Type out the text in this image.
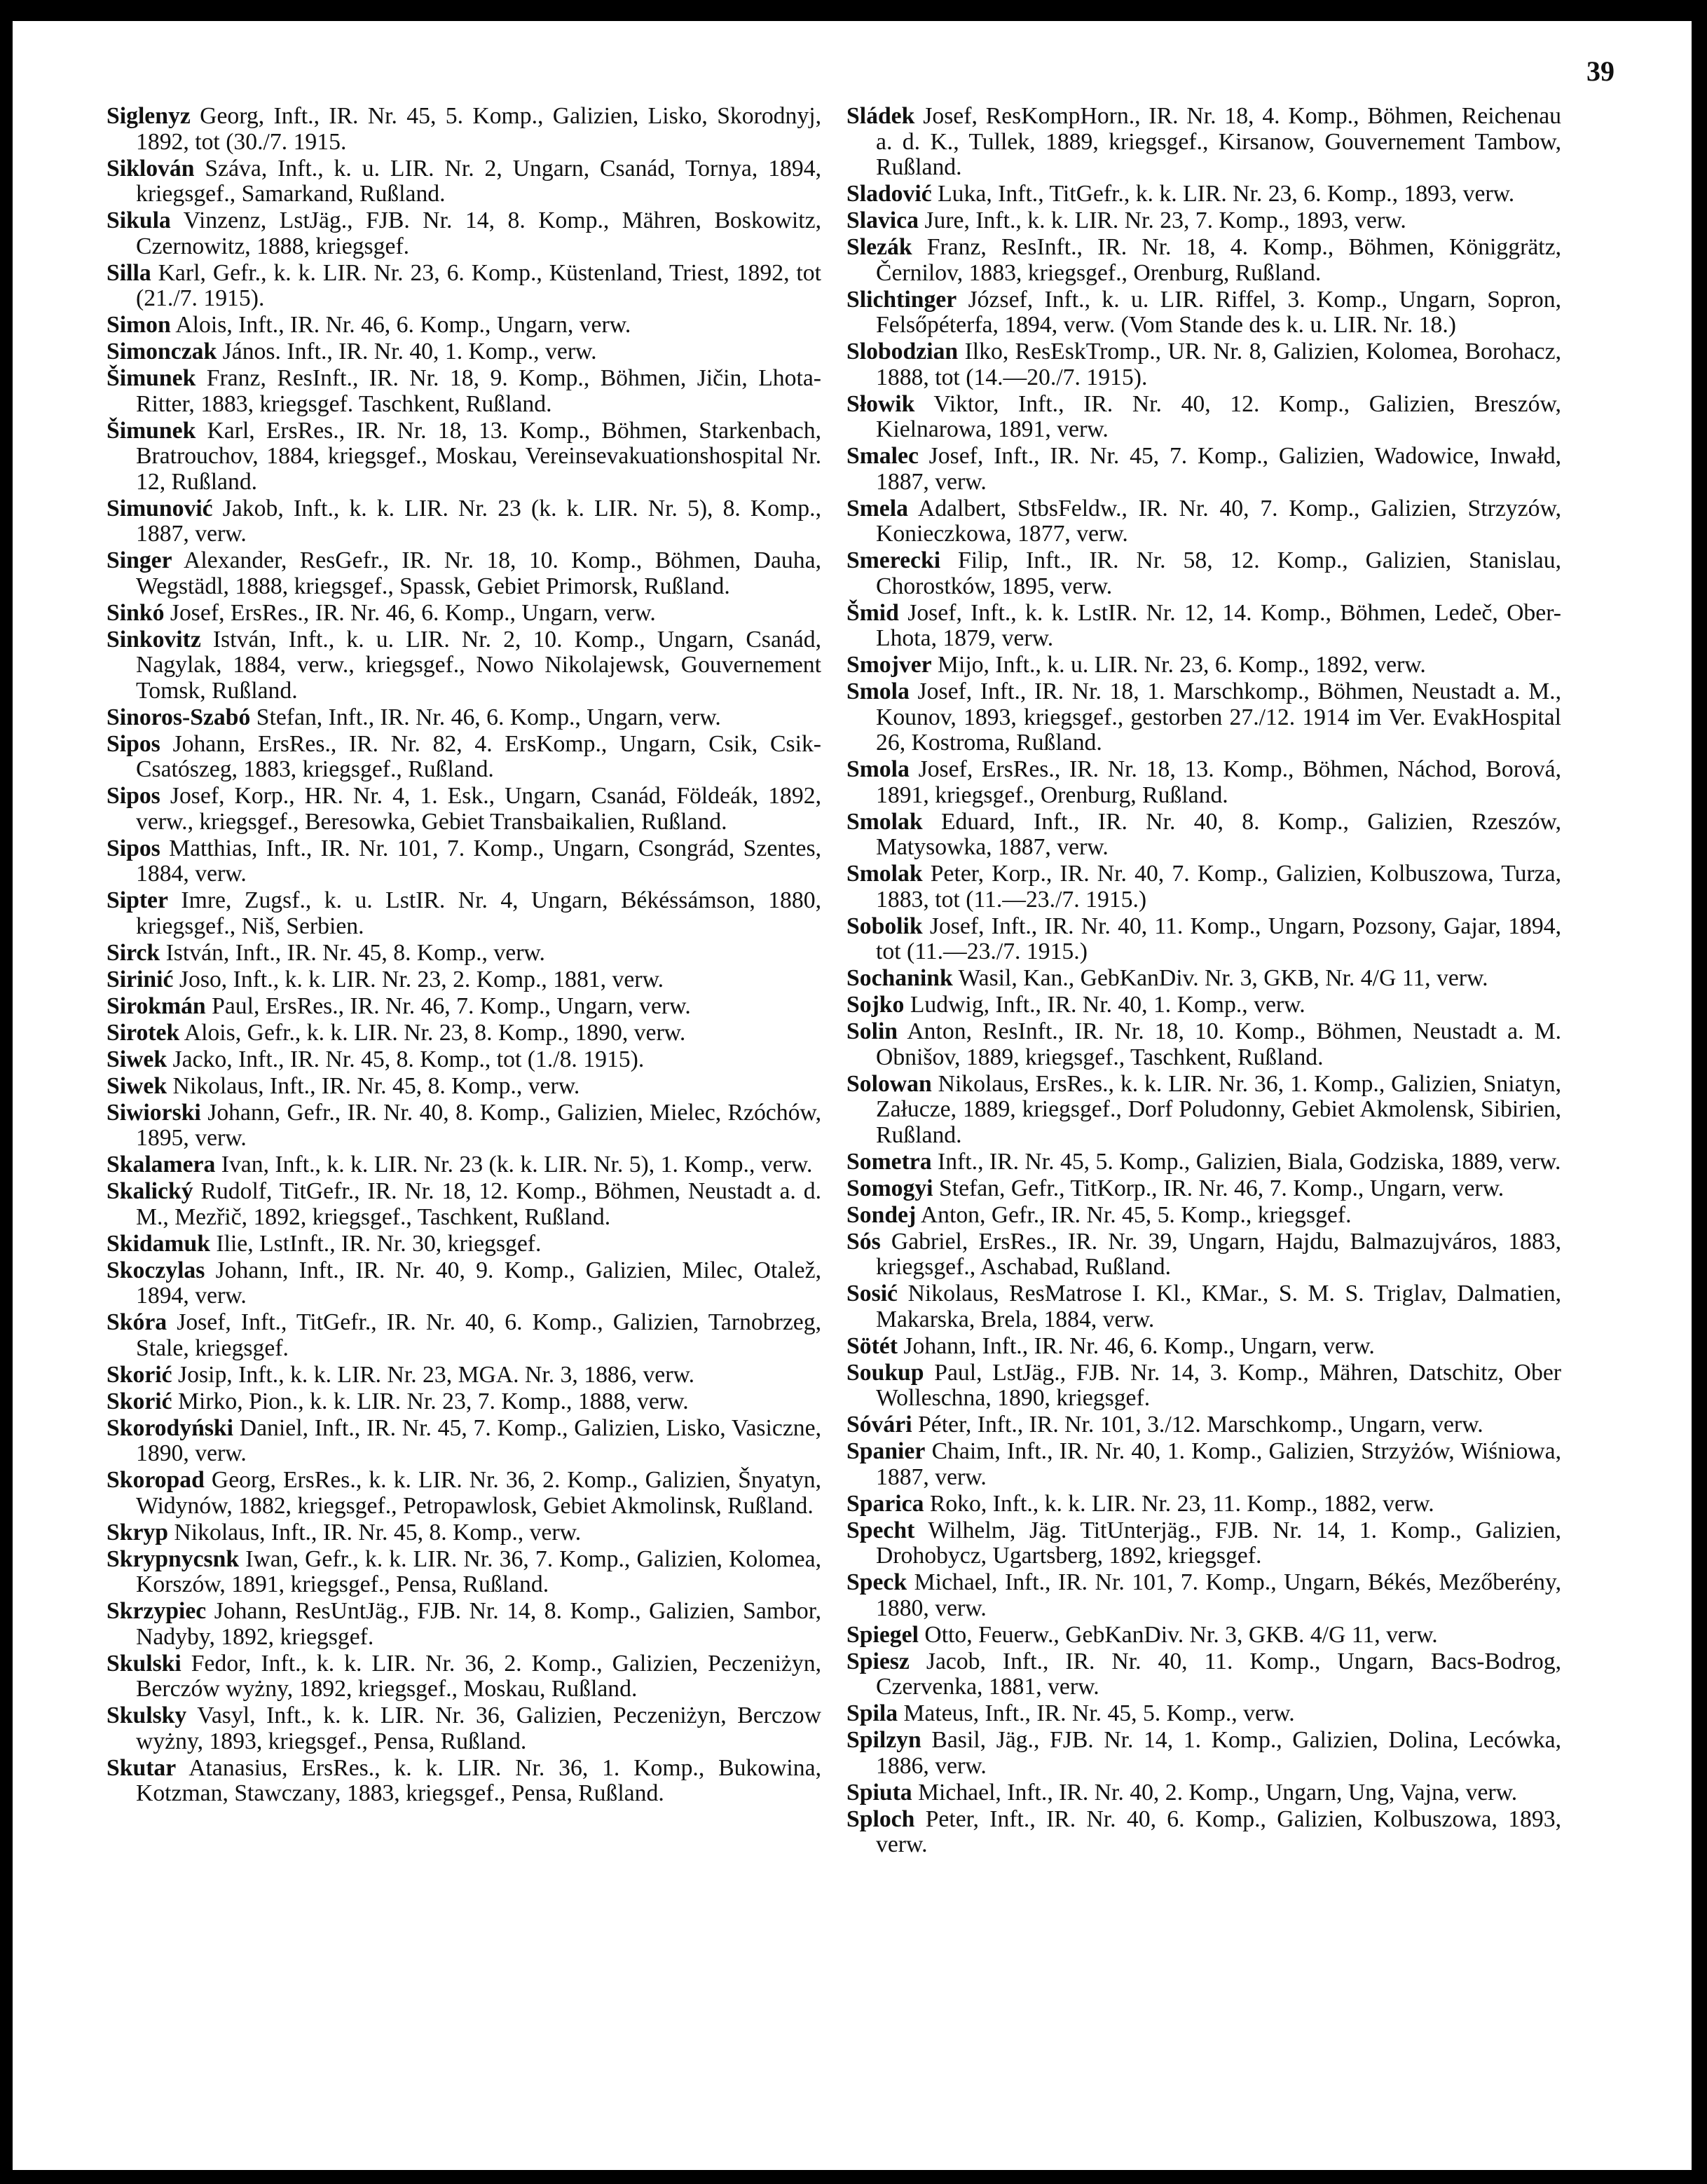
39

Siglenyz Georg, Inft., IR. Nr. 45, 5. Komp., Galizien, Lisko, Skorodnyj, 1892, tot (30./7. 1915.

Siklován Száva, Inft., k. u. LIR. Nr. 2, Ungarn, Csanád, Tornya, 1894, kriegsgef., Samarkand, Rußland.

Sikula Vinzenz, LstJäg., FJB. Nr. 14, 8. Komp., Mähren, Boskowitz, Czernowitz, 1888, kriegsgef.

Silla Karl, Gefr., k. k. LIR. Nr. 23, 6. Komp., Küstenland, Triest, 1892, tot (21./7. 1915).

Simon Alois, Inft., IR. Nr. 46, 6. Komp., Ungarn, verw.

Simonczak János. Inft., IR. Nr. 40, 1. Komp., verw.

Šimunek Franz, ResInft., IR. Nr. 18, 9. Komp., Böhmen, Jičin, Lhota-Ritter, 1883, kriegsgef. Taschkent, Rußland.

Šimunek Karl, ErsRes., IR. Nr. 18, 13. Komp., Böhmen, Starkenbach, Bratrouchov, 1884, kriegsgef., Moskau, Vereinsevakuationshospital Nr. 12, Rußland.

Simunović Jakob, Inft., k. k. LIR. Nr. 23 (k. k. LIR. Nr. 5), 8. Komp., 1887, verw.

Singer Alexander, ResGefr., IR. Nr. 18, 10. Komp., Böhmen, Dauha, Wegstädl, 1888, kriegsgef., Spassk, Gebiet Primorsk, Rußland.

Sinkó Josef, ErsRes., IR. Nr. 46, 6. Komp., Ungarn, verw.

Sinkovitz István, Inft., k. u. LIR. Nr. 2, 10. Komp., Ungarn, Csanád, Nagylak, 1884, verw., kriegsgef., Nowo Nikolajewsk, Gouvernement Tomsk, Rußland.

Sinoros-Szabó Stefan, Inft., IR. Nr. 46, 6. Komp., Ungarn, verw.

Sipos Johann, ErsRes., IR. Nr. 82, 4. ErsKomp., Ungarn, Csik, Csik-Csatószeg, 1883, kriegsgef., Rußland.

Sipos Josef, Korp., HR. Nr. 4, 1. Esk., Ungarn, Csanád, Földeák, 1892, verw., kriegsgef., Beresowka, Gebiet Transbaikalien, Rußland.

Sipos Matthias, Inft., IR. Nr. 101, 7. Komp., Ungarn, Csongrád, Szentes, 1884, verw.

Sipter Imre, Zugsf., k. u. LstIR. Nr. 4, Ungarn, Békéssámson, 1880, kriegsgef., Niš, Serbien.

Sirck István, Inft., IR. Nr. 45, 8. Komp., verw.

Sirinić Joso, Inft., k. k. LIR. Nr. 23, 2. Komp., 1881, verw.

Sirokmán Paul, ErsRes., IR. Nr. 46, 7. Komp., Ungarn, verw.

Sirotek Alois, Gefr., k. k. LIR. Nr. 23, 8. Komp., 1890, verw.

Siwek Jacko, Inft., IR. Nr. 45, 8. Komp., tot (1./8. 1915).

Siwek Nikolaus, Inft., IR. Nr. 45, 8. Komp., verw.

Siwiorski Johann, Gefr., IR. Nr. 40, 8. Komp., Galizien, Mielec, Rzóchów, 1895, verw.

Skalamera Ivan, Inft., k. k. LIR. Nr. 23 (k. k. LIR. Nr. 5), 1. Komp., verw.

Skalický Rudolf, TitGefr., IR. Nr. 18, 12. Komp., Böhmen, Neustadt a. d. M., Mezřič, 1892, kriegsgef., Taschkent, Rußland.

Skidamuk Ilie, LstInft., IR. Nr. 30, kriegsgef.

Skoczylas Johann, Inft., IR. Nr. 40, 9. Komp., Galizien, Milec, Otalež, 1894, verw.

Skóra Josef, Inft., TitGefr., IR. Nr. 40, 6. Komp., Galizien, Tarnobrzeg, Stale, kriegsgef.

Skorić Josip, Inft., k. k. LIR. Nr. 23, MGA. Nr. 3, 1886, verw.

Skorić Mirko, Pion., k. k. LIR. Nr. 23, 7. Komp., 1888, verw.

Skorodyński Daniel, Inft., IR. Nr. 45, 7. Komp., Galizien, Lisko, Vasiczne, 1890, verw.

Skoropad Georg, ErsRes., k. k. LIR. Nr. 36, 2. Komp., Galizien, Šnyatyn, Widynów, 1882, kriegsgef., Petropawlosk, Gebiet Akmolinsk, Rußland.

Skryp Nikolaus, Inft., IR. Nr. 45, 8. Komp., verw.

Skrypnycsnk Iwan, Gefr., k. k. LIR. Nr. 36, 7. Komp., Galizien, Kolomea, Korszów, 1891, kriegsgef., Pensa, Rußland.

Skrzypiec Johann, ResUntJäg., FJB. Nr. 14, 8. Komp., Galizien, Sambor, Nadyby, 1892, kriegsgef.

Skulski Fedor, Inft., k. k. LIR. Nr. 36, 2. Komp., Galizien, Peczeniżyn, Berczów wyżny, 1892, kriegsgef., Moskau, Rußland.

Skulsky Vasyl, Inft., k. k. LIR. Nr. 36, Galizien, Peczeniżyn, Berczow wyżny, 1893, kriegsgef., Pensa, Rußland.

Skutar Atanasius, ErsRes., k. k. LIR. Nr. 36, 1. Komp., Bukowina, Kotzman, Stawczany, 1883, kriegsgef., Pensa, Rußland.

Sládek Josef, ResKompHorn., IR. Nr. 18, 4. Komp., Böhmen, Reichenau a. d. K., Tullek, 1889, kriegsgef., Kirsanow, Gouvernement Tambow, Rußland.

Sladović Luka, Inft., TitGefr., k. k. LIR. Nr. 23, 6. Komp., 1893, verw.

Slavica Jure, Inft., k. k. LIR. Nr. 23, 7. Komp., 1893, verw.

Slezák Franz, ResInft., IR. Nr. 18, 4. Komp., Böhmen, Königgrätz, Černilov, 1883, kriegsgef., Orenburg, Rußland.

Slichtinger József, Inft., k. u. LIR. Riffel, 3. Komp., Ungarn, Sopron, Felsőpéterfa, 1894, verw. (Vom Stande des k. u. LIR. Nr. 18.)

Slobodzian Ilko, ResEskTromp., UR. Nr. 8, Galizien, Kolomea, Borohacz, 1888, tot (14.—20./7. 1915).

Słowik Viktor, Inft., IR. Nr. 40, 12. Komp., Galizien, Breszów, Kielnarowa, 1891, verw.

Smalec Josef, Inft., IR. Nr. 45, 7. Komp., Galizien, Wadowice, Inwałd, 1887, verw.

Smela Adalbert, StbsFeldw., IR. Nr. 40, 7. Komp., Galizien, Strzyzów, Konieczkowa, 1877, verw.

Smerecki Filip, Inft., IR. Nr. 58, 12. Komp., Galizien, Stanislau, Chorostków, 1895, verw.

Šmid Josef, Inft., k. k. LstIR. Nr. 12, 14. Komp., Böhmen, Ledeč, Ober-Lhota, 1879, verw.

Smojver Mijo, Inft., k. u. LIR. Nr. 23, 6. Komp., 1892, verw.

Smola Josef, Inft., IR. Nr. 18, 1. Marschkomp., Böhmen, Neustadt a. M., Kounov, 1893, kriegsgef., gestorben 27./12. 1914 im Ver. EvakHospital 26, Kostroma, Rußland.

Smola Josef, ErsRes., IR. Nr. 18, 13. Komp., Böhmen, Náchod, Borová, 1891, kriegsgef., Orenburg, Rußland.

Smolak Eduard, Inft., IR. Nr. 40, 8. Komp., Galizien, Rzeszów, Matysowka, 1887, verw.

Smolak Peter, Korp., IR. Nr. 40, 7. Komp., Galizien, Kolbuszowa, Turza, 1883, tot (11.—23./7. 1915.)

Sobolik Josef, Inft., IR. Nr. 40, 11. Komp., Ungarn, Pozsony, Gajar, 1894, tot (11.—23./7. 1915.)

Sochanink Wasil, Kan., GebKanDiv. Nr. 3, GKB, Nr. 4/G 11, verw.

Sojko Ludwig, Inft., IR. Nr. 40, 1. Komp., verw.

Solin Anton, ResInft., IR. Nr. 18, 10. Komp., Böhmen, Neustadt a. M. Obnišov, 1889, kriegsgef., Taschkent, Rußland.

Solowan Nikolaus, ErsRes., k. k. LIR. Nr. 36, 1. Komp., Galizien, Sniatyn, Załucze, 1889, kriegsgef., Dorf Poludonny, Gebiet Akmolensk, Sibirien, Rußland.

Sometra Inft., IR. Nr. 45, 5. Komp., Galizien, Biala, Godziska, 1889, verw.

Somogyi Stefan, Gefr., TitKorp., IR. Nr. 46, 7. Komp., Ungarn, verw.

Sondej Anton, Gefr., IR. Nr. 45, 5. Komp., kriegsgef.

Sós Gabriel, ErsRes., IR. Nr. 39, Ungarn, Hajdu, Balmazujváros, 1883, kriegsgef., Aschabad, Rußland.

Sosić Nikolaus, ResMatrose I. Kl., KMar., S. M. S. Triglav, Dalmatien, Makarska, Brela, 1884, verw.

Sötét Johann, Inft., IR. Nr. 46, 6. Komp., Ungarn, verw.

Soukup Paul, LstJäg., FJB. Nr. 14, 3. Komp., Mähren, Datschitz, Ober Wolleschna, 1890, kriegsgef.

Sóvári Péter, Inft., IR. Nr. 101, 3./12. Marschkomp., Ungarn, verw.

Spanier Chaim, Inft., IR. Nr. 40, 1. Komp., Galizien, Strzyżów, Wiśniowa, 1887, verw.

Sparica Roko, Inft., k. k. LIR. Nr. 23, 11. Komp., 1882, verw.

Specht Wilhelm, Jäg. TitUnterjäg., FJB. Nr. 14, 1. Komp., Galizien, Drohobycz, Ugartsberg, 1892, kriegsgef.

Speck Michael, Inft., IR. Nr. 101, 7. Komp., Ungarn, Békés, Mezőberény, 1880, verw.

Spiegel Otto, Feuerw., GebKanDiv. Nr. 3, GKB. 4/G 11, verw.

Spiesz Jacob, Inft., IR. Nr. 40, 11. Komp., Ungarn, Bacs-Bodrog, Czervenka, 1881, verw.

Spila Mateus, Inft., IR. Nr. 45, 5. Komp., verw.

Spilzyn Basil, Jäg., FJB. Nr. 14, 1. Komp., Galizien, Dolina, Lecówka, 1886, verw.

Spiuta Michael, Inft., IR. Nr. 40, 2. Komp., Ungarn, Ung, Vajna, verw.

Sploch Peter, Inft., IR. Nr. 40, 6. Komp., Galizien, Kolbuszowa, 1893, verw.
